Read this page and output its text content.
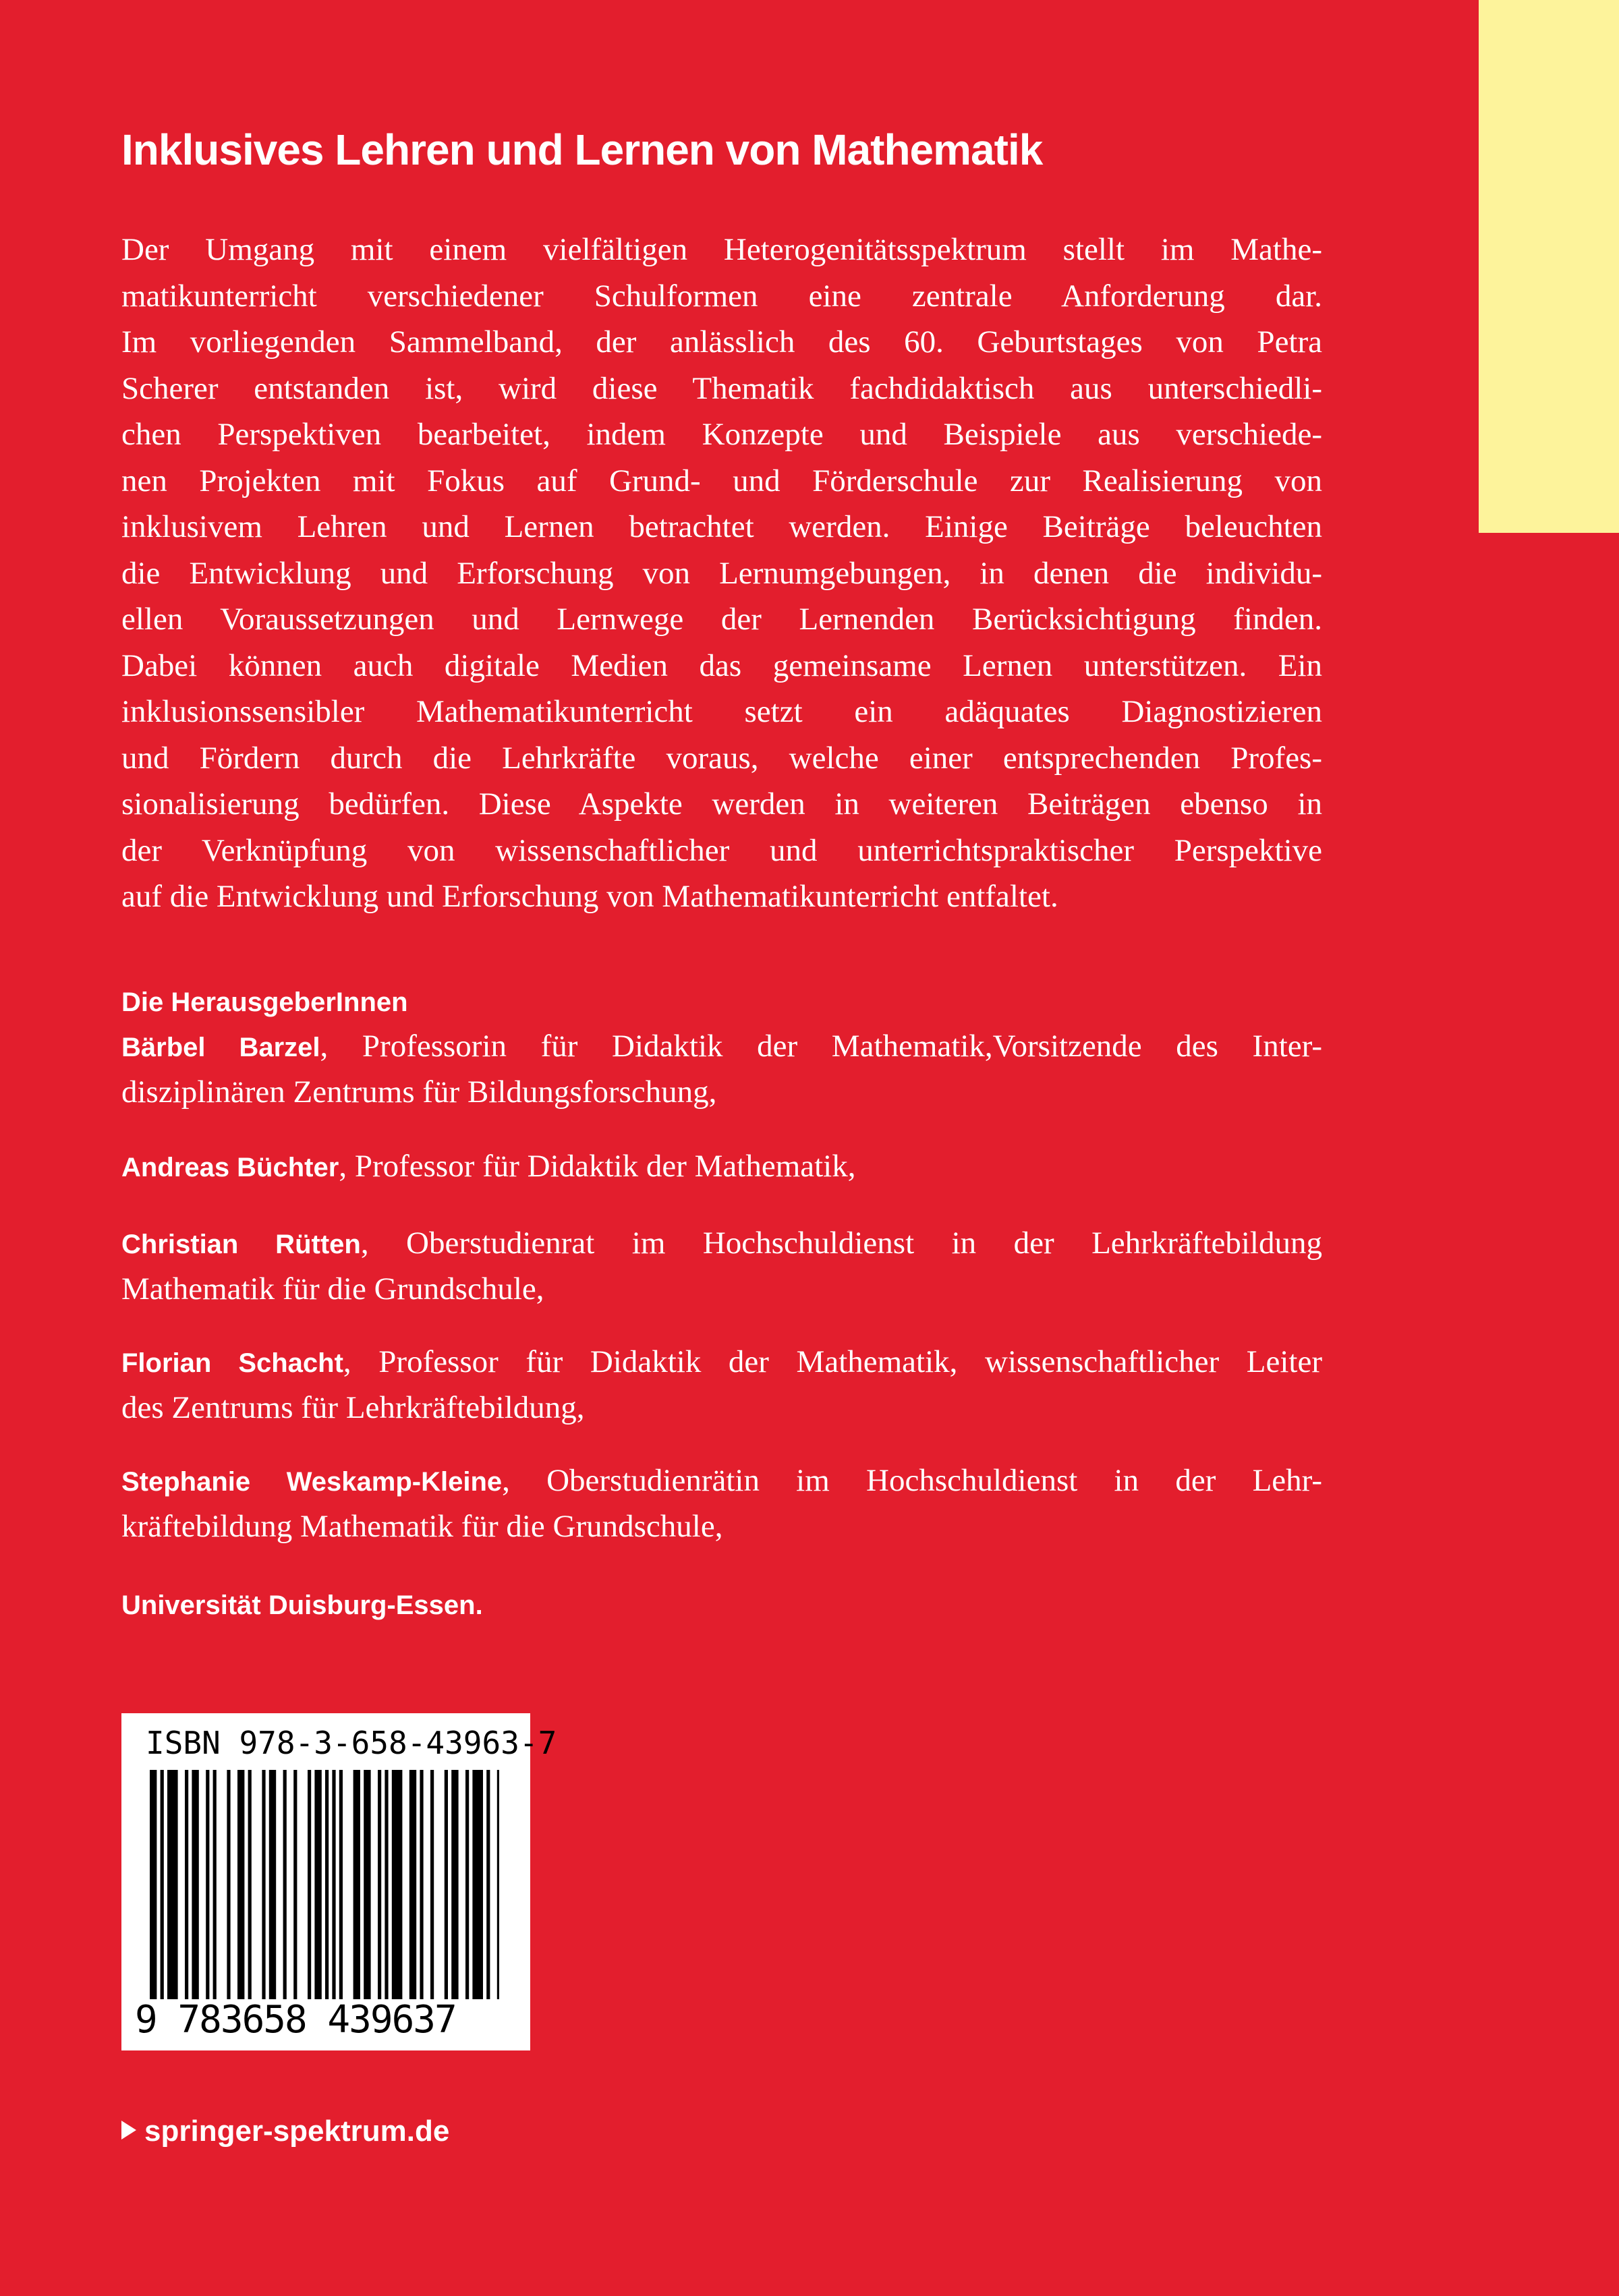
Inklusives Lehren und Lernen von Mathematik
Der Umgang mit einem vielfältigen Heterogenitätsspektrum stellt im Mathe-
matikunterricht verschiedener Schulformen eine zentrale Anforderung dar.
Im vorliegenden Sammelband, der anlässlich des 60. Geburtstages von Petra
Scherer entstanden ist, wird diese Thematik fachdidaktisch aus unterschiedli-
chen Perspektiven bearbeitet, indem Konzepte und Beispiele aus verschiede-
nen Projekten mit Fokus auf Grund- und Förderschule zur Realisierung von
inklusivem Lehren und Lernen betrachtet werden. Einige Beiträge beleuchten
die Entwicklung und Erforschung von Lernumgebungen, in denen die individu-
ellen Voraussetzungen und Lernwege der Lernenden Berücksichtigung finden.
Dabei können auch digitale Medien das gemeinsame Lernen unterstützen. Ein
inklusionssensibler Mathematikunterricht setzt ein adäquates Diagnostizieren
und Fördern durch die Lehrkräfte voraus, welche einer entsprechenden Profes-
sionalisierung bedürfen. Diese Aspekte werden in weiteren Beiträgen ebenso in
der Verknüpfung von wissenschaftlicher und unterrichtspraktischer Perspektive
auf die Entwicklung und Erforschung von Mathematikunterricht entfaltet.
Die HerausgeberInnen
Bärbel Barzel, Professorin für Didaktik der Mathematik,Vorsitzende des Inter-
disziplinären Zentrums für Bildungsforschung,
Andreas Büchter, Professor für Didaktik der Mathematik,
Christian Rütten, Oberstudienrat im Hochschuldienst in der Lehrkräftebildung
Mathematik für die Grundschule,
Florian Schacht, Professor für Didaktik der Mathematik, wissenschaftlicher Leiter
des Zentrums für Lehrkräftebildung,
Stephanie Weskamp-Kleine, Oberstudienrätin im Hochschuldienst in der Lehr-
kräftebildung Mathematik für die Grundschule,
Universität Duisburg-Essen.

ISBN 978-3-658-43963-7

9 783658 439637

springer-spektrum.de
